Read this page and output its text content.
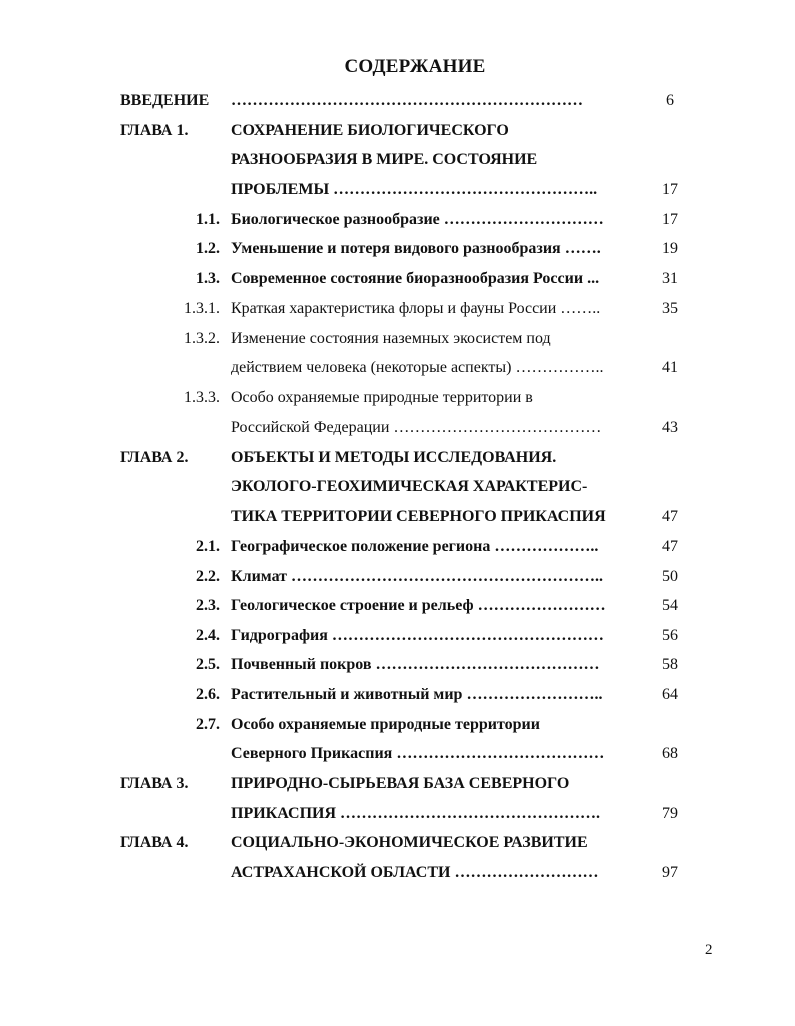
СОДЕРЖАНИЕ
ВВЕДЕНИЕ …………………………………………………………	6
ГЛАВА 1.	СОХРАНЕНИЕ БИОЛОГИЧЕСКОГО
РАЗНООБРАЗИЯ В МИРЕ. СОСТОЯНИЕ
ПРОБЛЕМЫ …………………………………………..	17
1.1. Биологическое разнообразие …………………………	17
1.2. Уменьшение и потеря видового разнообразия …….	19
1.3. Современное состояние биоразнообразия России ...	31
1.3.1. Краткая характеристика флоры и фауны России ……..	35
1.3.2. Изменение состояния наземных экосистем под
действием человека (некоторые аспекты) ……………..	41
1.3.3. Особо охраняемые природные территории в
Российской Федерации …………………………………	43
ГЛАВА 2.	ОБЪЕКТЫ И МЕТОДЫ ИССЛЕДОВАНИЯ.
ЭКОЛОГО-ГЕОХИМИЧЕСКАЯ ХАРАКТЕРИС-
ТИКА ТЕРРИТОРИИ СЕВЕРНОГО ПРИКАСПИЯ	47
2.1. Географическое положение региона ………………..	47
2.2. Климат …………………………………………………..	50
2.3. Геологическое строение и рельеф ……………………	54
2.4. Гидрография ……………………………………………	56
2.5. Почвенный покров ……………………………………	58
2.6. Растительный и животный мир ……………………..	64
2.7. Особо охраняемые природные территории
Северного Прикаспия …………………………………	68
ГЛАВА 3.	ПРИРОДНО-СЫРЬЕВАЯ БАЗА СЕВЕРНОГО
ПРИКАСПИЯ ………………………………………….	79
ГЛАВА 4.	СОЦИАЛЬНО-ЭКОНОМИЧЕСКОЕ РАЗВИТИЕ
АСТРАХАНСКОЙ ОБЛАСТИ ………………………	97
2
